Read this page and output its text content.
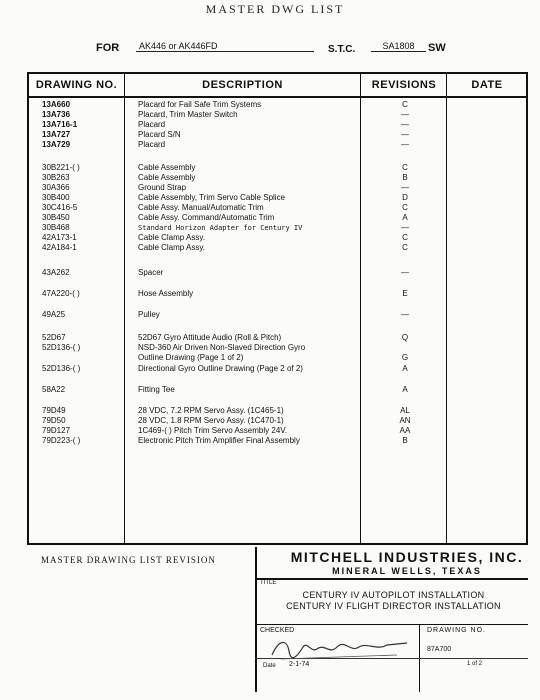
MASTER DWG LIST
FOR	AK446 or AK446FD	S.T.C.	SA1808	SW
DRAWING NO.	DESCRIPTION	REVISIONS	DATE
13A660	Placard for Fail Safe Trim Systems	C
13A736	Placard, Trim Master Switch	—
13A716-1	Placard	—
13A727	Placard S/N	—
13A729	Placard	—
30B221-( )	Cable Assembly	C
30B263	Cable Assembly	B
30A366	Ground Strap	—
30B400	Cable Assembly, Trim Servo Cable Splice	D
30C416-5	Cable Assy. Manual/Automatic Trim	C
30B450	Cable Assy. Command/Automatic Trim	A
30B468	Standard Horizon Adapter for Century IV	—
42A173-1	Cable Clamp Assy.	C
42A184-1	Cable Clamp Assy.	C
43A262	Spacer	—
47A220-( )	Hose Assembly	E
49A25	Pulley	—
52D67	52D67 Gyro Attitude Audio (Roll & Pitch)	Q
52D136-( )	NSD-360 Air Driven Non-Slaved Direction Gyro
Outline Drawing (Page 1 of 2)	G
52D136-( )	Directional Gyro Outline Drawing (Page 2 of 2)	A
58A22	Fitting Tee	A
79D49	28 VDC, 7.2 RPM Servo Assy. (1C465-1)	AL
79D50	28 VDC, 1.8 RPM Servo Assy. (1C470-1)	AN
79D127	1C469-( ) Pitch Trim Servo Assembly 24V.	AA
79D223-( )	Electronic Pitch Trim Amplifier Final Assembly	B
MASTER DRAWING LIST REVISION	MITCHELL INDUSTRIES, INC.
MINERAL WELLS, TEXAS
TITLE
CENTURY IV AUTOPILOT INSTALLATION
CENTURY IV FLIGHT DIRECTOR INSTALLATION
CHECKED	DRAWING NO.
87A700
Date 2-1-74	1 of 2
